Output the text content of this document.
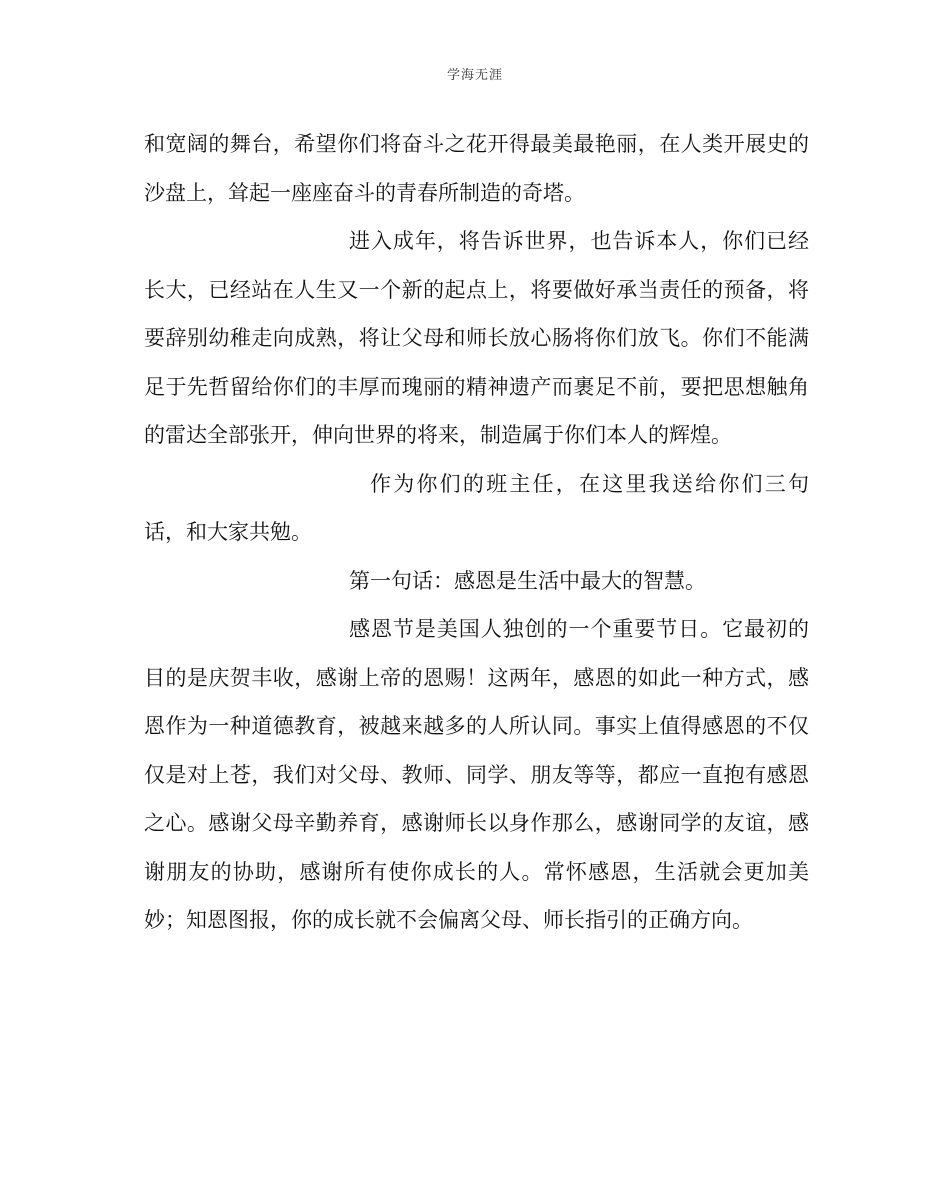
学海无涯

和宽阔的舞台，希望你们将奋斗之花开得最美最艳丽，在人类开展史的沙盘上，耸起一座座奋斗的青春所制造的奇塔。

进入成年，将告诉世界，也告诉本人，你们已经长大，已经站在人生又一个新的起点上，将要做好承当责任的预备，将要辞别幼稚走向成熟，将让父母和师长放心肠将你们放飞。你们不能满足于先哲留给你们的丰厚而瑰丽的精神遗产而裹足不前，要把思想触角的雷达全部张开，伸向世界的将来，制造属于你们本人的辉煌。

作为你们的班主任，在这里我送给你们三句话，和大家共勉。

第一句话：感恩是生活中最大的智慧。

感恩节是美国人独创的一个重要节日。它最初的目的是庆贺丰收，感谢上帝的恩赐！这两年，感恩的如此一种方式，感恩作为一种道德教育，被越来越多的人所认同。事实上值得感恩的不仅仅是对上苍，我们对父母、教师、同学、朋友等等，都应一直抱有感恩之心。感谢父母辛勤养育，感谢师长以身作那么，感谢同学的友谊，感谢朋友的协助，感谢所有使你成长的人。常怀感恩，生活就会更加美妙；知恩图报，你的成长就不会偏离父母、师长指引的正确方向。
